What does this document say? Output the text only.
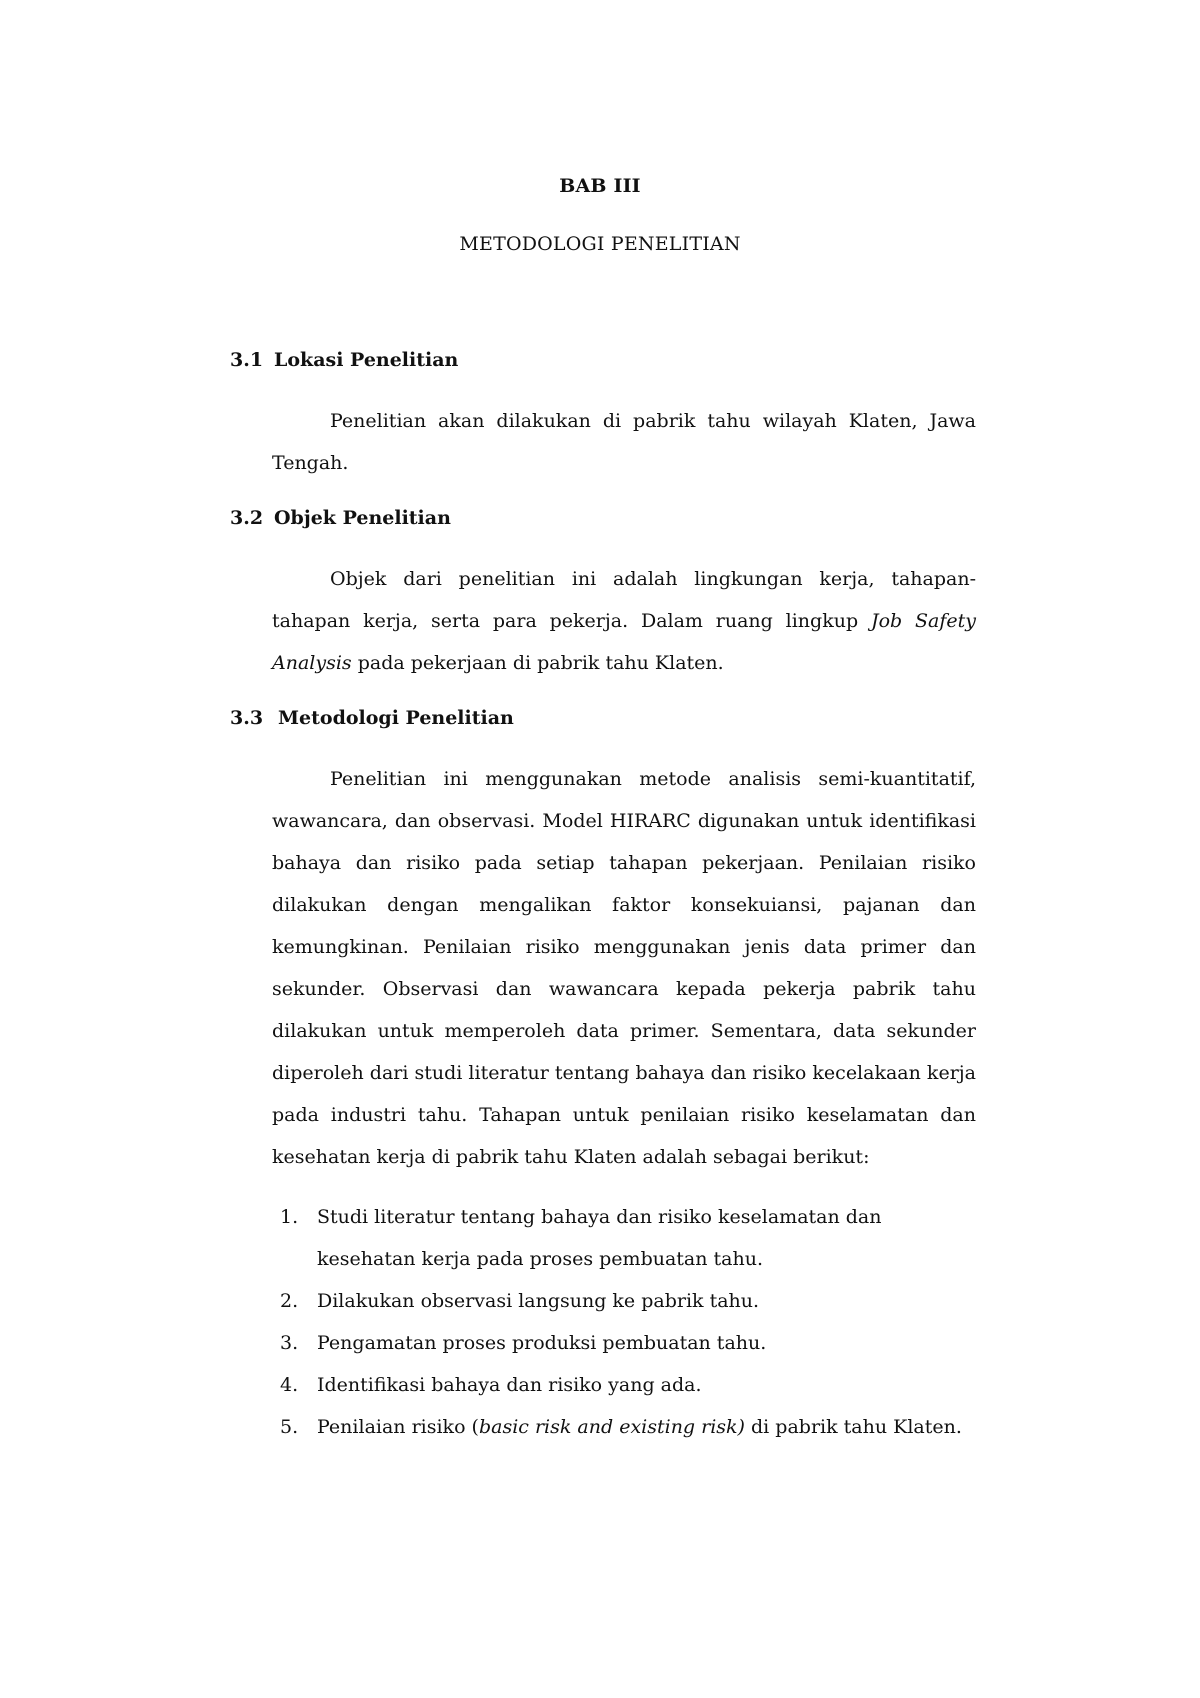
BAB III
METODOLOGI PENELITIAN
3.1 Lokasi Penelitian
Penelitian akan dilakukan di pabrik tahu wilayah Klaten, Jawa Tengah.
3.2 Objek Penelitian
Objek dari penelitian ini adalah lingkungan kerja, tahapan-tahapan kerja, serta para pekerja. Dalam ruang lingkup Job Safety Analysis pada pekerjaan di pabrik tahu Klaten.
3.3 Metodologi Penelitian
Penelitian ini menggunakan metode analisis semi-kuantitatif, wawancara, dan observasi. Model HIRARC digunakan untuk identifikasi bahaya dan risiko pada setiap tahapan pekerjaan. Penilaian risiko dilakukan dengan mengalikan faktor konsekuiansi, pajanan dan kemungkinan. Penilaian risiko menggunakan jenis data primer dan sekunder. Observasi dan wawancara kepada pekerja pabrik tahu dilakukan untuk memperoleh data primer. Sementara, data sekunder diperoleh dari studi literatur tentang bahaya dan risiko kecelakaan kerja pada industri tahu. Tahapan untuk penilaian risiko keselamatan dan kesehatan kerja di pabrik tahu Klaten adalah sebagai berikut:
1. Studi literatur tentang bahaya dan risiko keselamatan dan kesehatan kerja pada proses pembuatan tahu.
2. Dilakukan observasi langsung ke pabrik tahu.
3. Pengamatan proses produksi pembuatan tahu.
4. Identifikasi bahaya dan risiko yang ada.
5. Penilaian risiko (basic risk and existing risk) di pabrik tahu Klaten.
